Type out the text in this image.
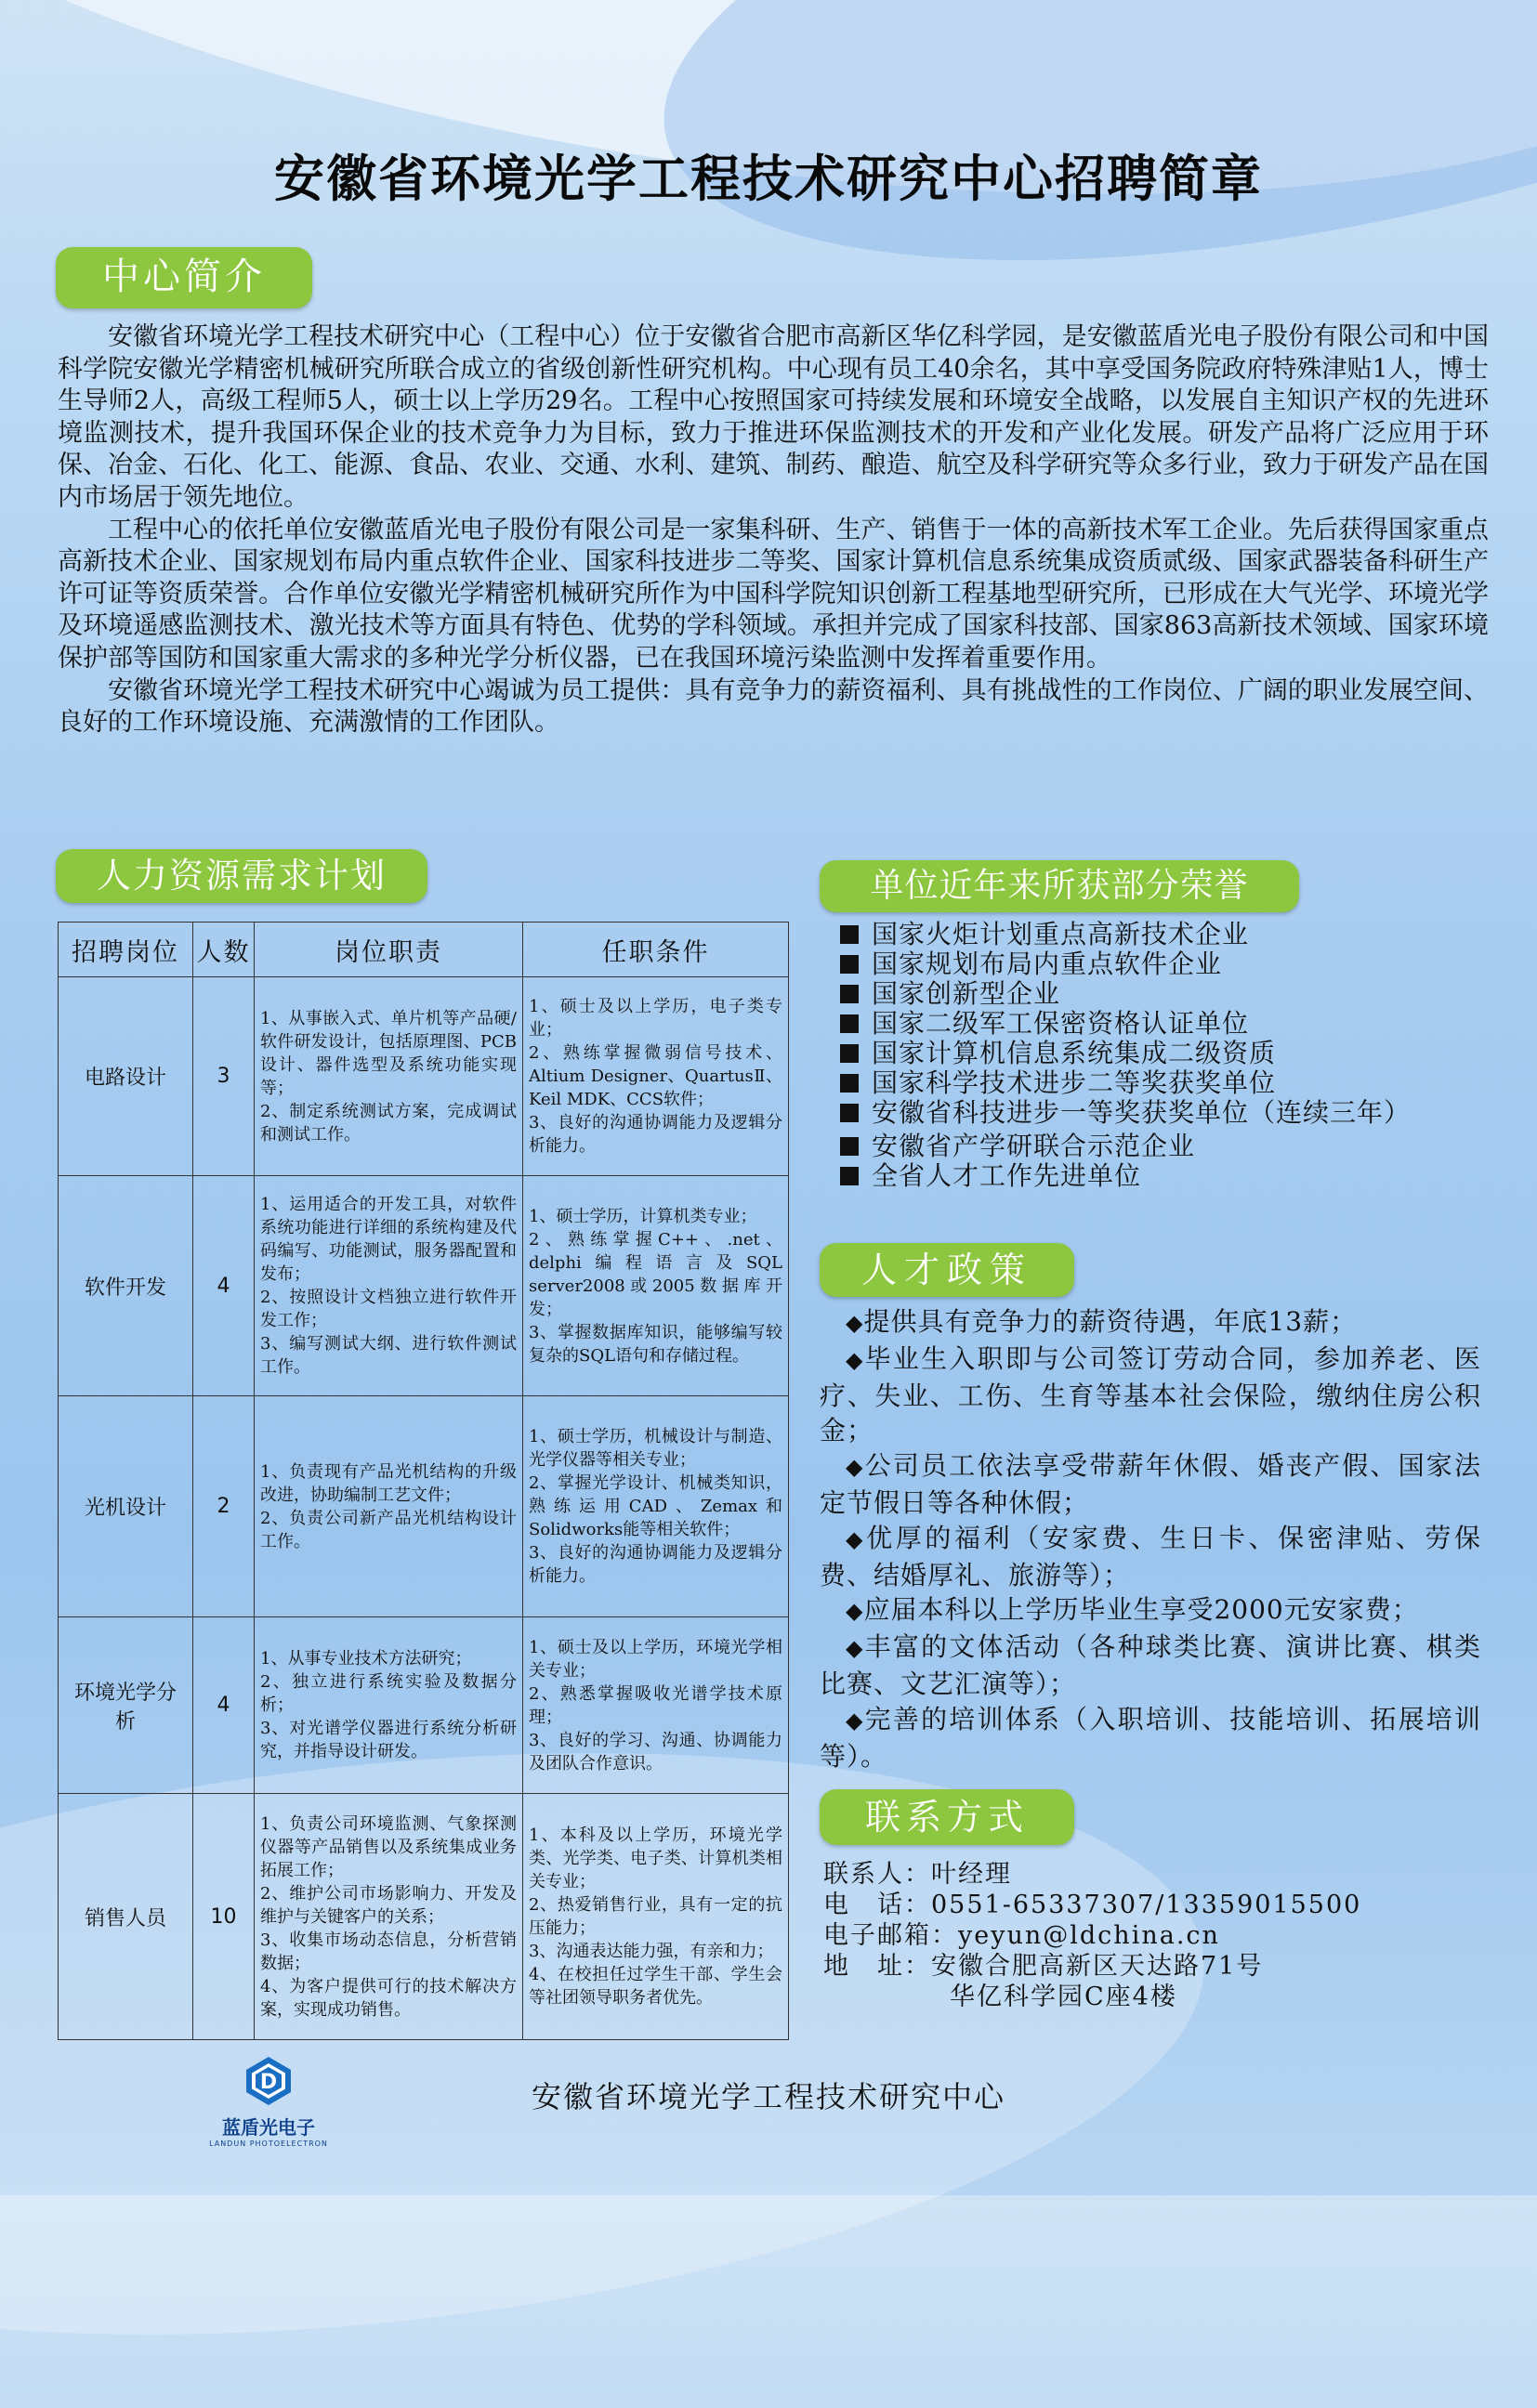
安徽省环境光学工程技术研究中心招聘简章
中心简介

安徽省环境光学工程技术研究中心（工程中心）位于安徽省合肥市高新区华亿科学园，是安徽蓝盾光电子股份有限公司和中国科学院安徽光学精密机械研究所联合成立的省级创新性研究机构。中心现有员工40余名，其中享受国务院政府特殊津贴1人，博士生导师2人，高级工程师5人，硕士以上学历29名。工程中心按照国家可持续发展和环境安全战略，以发展自主知识产权的先进环境监测技术，提升我国环保企业的技术竞争力为目标，致力于推进环保监测技术的开发和产业化发展。研发产品将广泛应用于环保、冶金、石化、化工、能源、食品、农业、交通、水利、建筑、制药、酿造、航空及科学研究等众多行业，致力于研发产品在国内市场居于领先地位。

工程中心的依托单位安徽蓝盾光电子股份有限公司是一家集科研、生产、销售于一体的高新技术军工企业。先后获得国家重点高新技术企业、国家规划布局内重点软件企业、国家科技进步二等奖、国家计算机信息系统集成资质贰级、国家武器装备科研生产许可证等资质荣誉。合作单位安徽光学精密机械研究所作为中国科学院知识创新工程基地型研究所，已形成在大气光学、环境光学及环境遥感监测技术、激光技术等方面具有特色、优势的学科领域。承担并完成了国家科技部、国家863高新技术领域、国家环境保护部等国防和国家重大需求的多种光学分析仪器，已在我国环境污染监测中发挥着重要作用。

安徽省环境光学工程技术研究中心竭诚为员工提供：具有竞争力的薪资福利、具有挑战性的工作岗位、广阔的职业发展空间、良好的工作环境设施、充满激情的工作团队。

人力资源需求计划
招聘岗位	人数	岗位职责	任职条件
电路设计	3	1、从事嵌入式、单片机等产品硬/软件研发设计，包括原理图、PCB设计、器件选型及系统功能实现等；
2、制定系统测试方案，完成调试和测试工作。	1、硕士及以上学历，电子类专业；
2、熟练掌握微弱信号技术、Altium Designer、QuartusⅡ、Keil MDK、CCS软件；
3、良好的沟通协调能力及逻辑分析能力。

软件开发	4	1、运用适合的开发工具，对软件系统功能进行详细的系统构建及代码编写、功能测试，服务器配置和发布；
2、按照设计文档独立进行软件开发工作；
3、编写测试大纲、进行软件测试工作。	1、硕士学历，计算机类专业；
2、熟练掌握C++、.net、delphi编程语言及SQL server2008或2005数据库开发；
3、掌握数据库知识，能够编写较复杂的SQL语句和存储过程。

光机设计	2	1、负责现有产品光机结构的升级改进，协助编制工艺文件；
2、负责公司新产品光机结构设计工作。	1、硕士学历，机械设计与制造、光学仪器等相关专业；
2、掌握光学设计、机械类知识，熟练运用CAD、Zemax和Solidworks能等相关软件；
3、良好的沟通协调能力及逻辑分析能力。

环境光学分析	4	1、从事专业技术方法研究；
2、独立进行系统实验及数据分析；
3、对光谱学仪器进行系统分析研究，并指导设计研发。	1、硕士及以上学历，环境光学相关专业；
2、熟悉掌握吸收光谱学技术原理；
3、良好的学习、沟通、协调能力及团队合作意识。

销售人员	10	1、负责公司环境监测、气象探测仪器等产品销售以及系统集成业务拓展工作；
2、维护公司市场影响力、开发及维护与关键客户的关系；
3、收集市场动态信息，分析营销数据；
4、为客户提供可行的技术解决方案，实现成功销售。	1、本科及以上学历，环境光学类、光学类、电子类、计算机类相关专业；
2、热爱销售行业，具有一定的抗压能力；
3、沟通表达能力强，有亲和力；
4、在校担任过学生干部、学生会等社团领导职务者优先。
单位近年来所获部分荣誉
国家火炬计划重点高新技术企业
国家规划布局内重点软件企业
国家创新型企业
国家二级军工保密资格认证单位
国家计算机信息系统集成二级资质
国家科学技术进步二等奖获奖单位
安徽省科技进步一等奖获奖单位（连续三年）
安徽省产学研联合示范企业
全省人才工作先进单位
人才政策

◆提供具有竞争力的薪资待遇，年底13薪；

◆毕业生入职即与公司签订劳动合同，参加养老、医疗、失业、工伤、生育等基本社会保险，缴纳住房公积金；

◆公司员工依法享受带薪年休假、婚丧产假、国家法定节假日等各种休假；

◆优厚的福利（安家费、生日卡、保密津贴、劳保费、结婚厚礼、旅游等）；

◆应届本科以上学历毕业生享受2000元安家费；

◆丰富的文体活动（各种球类比赛、演讲比赛、棋类比赛、文艺汇演等）；

◆完善的培训体系（入职培训、技能培训、拓展培训等）。

联系方式
联系人：叶经理
电　话：0551-65337307/13359015500
电子邮箱：yeyun@ldchina.cn
地　址：安徽合肥高新区天达路71号
华亿科学园C座4楼
D
蓝盾光电子
LANDUN PHOTOELECTRON
安徽省环境光学工程技术研究中心
